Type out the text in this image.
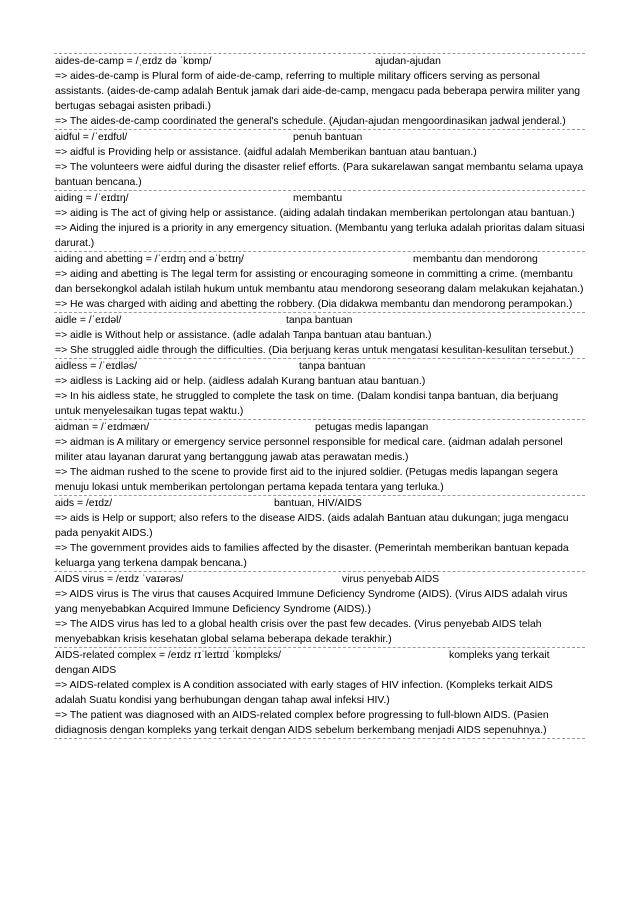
aides-de-camp = /ˌeɪdz də ˈkɒmp/	ajudan-ajudan
=> aides-de-camp is Plural form of aide-de-camp, referring to multiple military officers serving as personal assistants. (aides-de-camp adalah Bentuk jamak dari aide-de-camp, mengacu pada beberapa perwira militer yang bertugas sebagai asisten pribadi.)
=> The aides-de-camp coordinated the general's schedule. (Ajudan-ajudan mengoordinasikan jadwal jenderal.)
aidful = /ˈeɪdfʊl/	penuh bantuan
=> aidful is Providing help or assistance. (aidful adalah Memberikan bantuan atau bantuan.)
=> The volunteers were aidful during the disaster relief efforts. (Para sukarelawan sangat membantu selama upaya bantuan bencana.)
aiding = /ˈeɪdɪŋ/	membantu
=> aiding is The act of giving help or assistance. (aiding adalah tindakan memberikan pertolongan atau bantuan.)
=> Aiding the injured is a priority in any emergency situation. (Membantu yang terluka adalah prioritas dalam situasi darurat.)
aiding and abetting = /ˈeɪdɪŋ ənd əˈbɛtɪŋ/	membantu dan mendorong
=> aiding and abetting is The legal term for assisting or encouraging someone in committing a crime. (membantu dan bersekongkol adalah istilah hukum untuk membantu atau mendorong seseorang dalam melakukan kejahatan.)
=> He was charged with aiding and abetting the robbery. (Dia didakwa membantu dan mendorong perampokan.)
aidle = /ˈeɪdəl/	tanpa bantuan
=> aidle is Without help or assistance. (adle adalah Tanpa bantuan atau bantuan.)
=> She struggled aidle through the difficulties. (Dia berjuang keras untuk mengatasi kesulitan-kesulitan tersebut.)
aidless = /ˈeɪdləs/	tanpa bantuan
=> aidless is Lacking aid or help. (aidless adalah Kurang bantuan atau bantuan.)
=> In his aidless state, he struggled to complete the task on time. (Dalam kondisi tanpa bantuan, dia berjuang untuk menyelesaikan tugas tepat waktu.)
aidman = /ˈeɪdmæn/	petugas medis lapangan
=> aidman is A military or emergency service personnel responsible for medical care. (aidman adalah personel militer atau layanan darurat yang bertanggung jawab atas perawatan medis.)
=> The aidman rushed to the scene to provide first aid to the injured soldier. (Petugas medis lapangan segera menuju lokasi untuk memberikan pertolongan pertama kepada tentara yang terluka.)
aids = /eɪdz/	bantuan, HIV/AIDS
=> aids is Help or support; also refers to the disease AIDS. (aids adalah Bantuan atau dukungan; juga mengacu pada penyakit AIDS.)
=> The government provides aids to families affected by the disaster. (Pemerintah memberikan bantuan kepada keluarga yang terkena dampak bencana.)
AIDS virus = /eɪdz ˈvaɪərəs/	virus penyebab AIDS
=> AIDS virus is The virus that causes Acquired Immune Deficiency Syndrome (AIDS). (Virus AIDS adalah virus yang menyebabkan Acquired Immune Deficiency Syndrome (AIDS).)
=> The AIDS virus has led to a global health crisis over the past few decades. (Virus penyebab AIDS telah menyebabkan krisis kesehatan global selama beberapa dekade terakhir.)
AIDS-related complex = /eɪdz rɪˈleɪtɪd ˈkɒmplɛks/	kompleks yang terkait
dengan AIDS
=> AIDS-related complex is A condition associated with early stages of HIV infection. (Kompleks terkait AIDS adalah Suatu kondisi yang berhubungan dengan tahap awal infeksi HIV.)
=> The patient was diagnosed with an AIDS-related complex before progressing to full-blown AIDS. (Pasien didiagnosis dengan kompleks yang terkait dengan AIDS sebelum berkembang menjadi AIDS sepenuhnya.)
